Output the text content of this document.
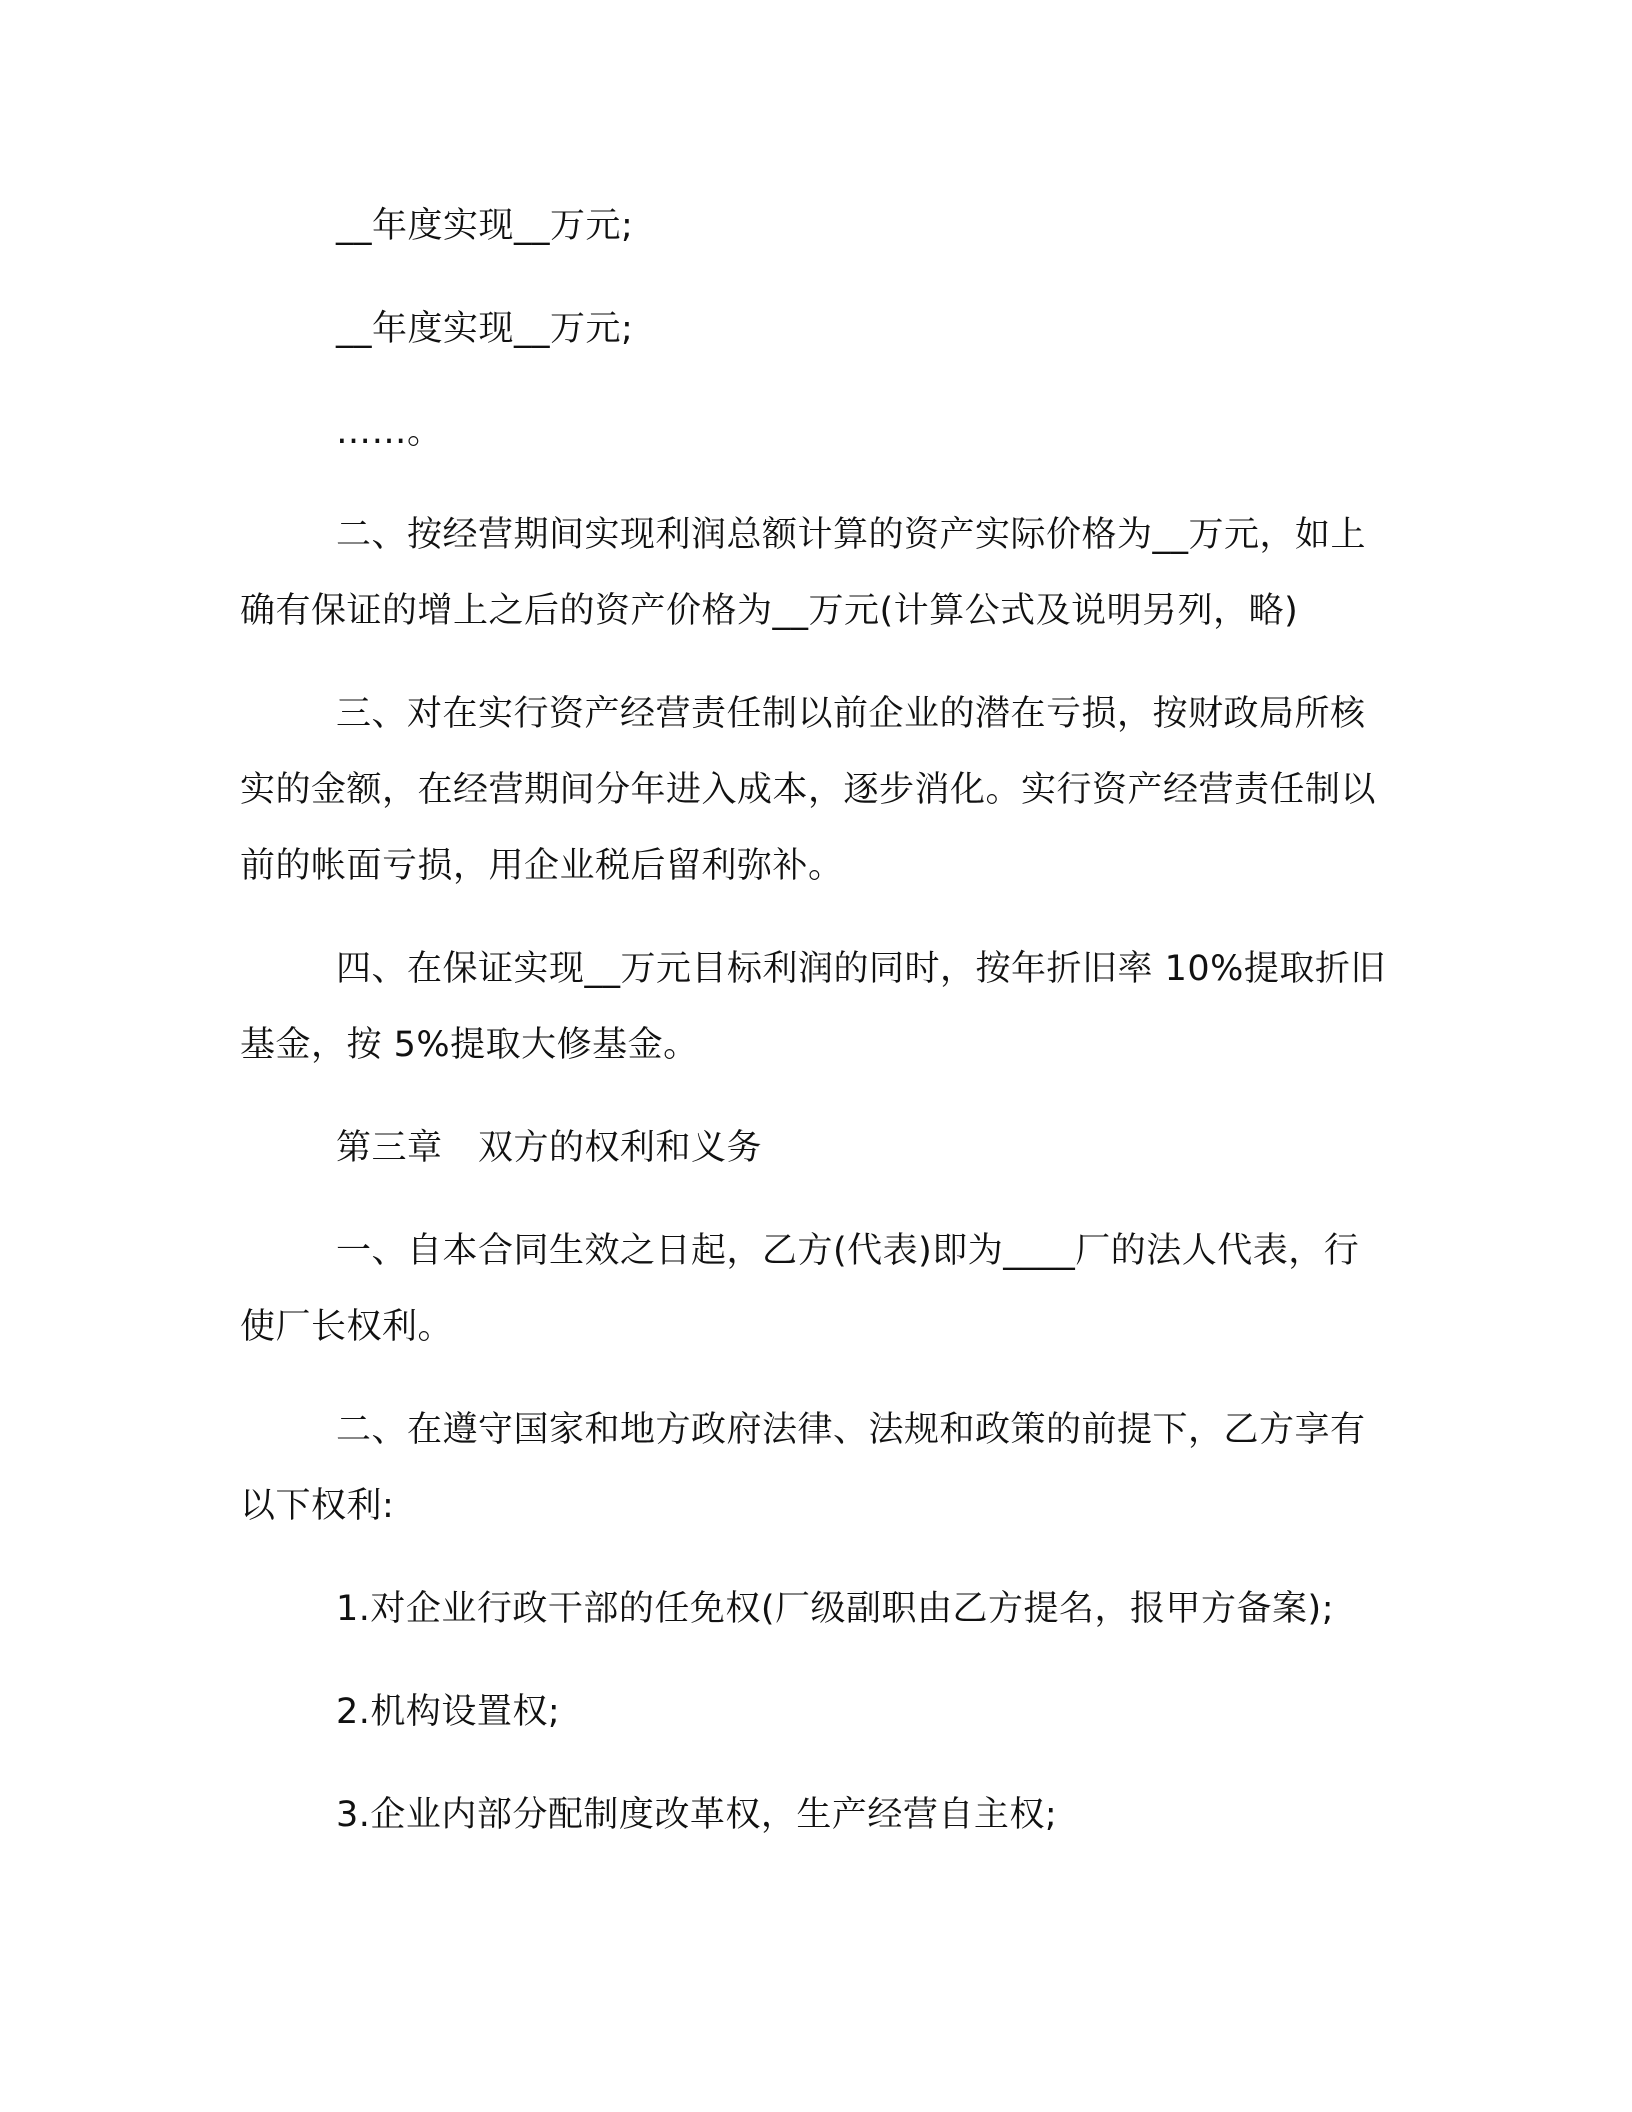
__年度实现__万元;

__年度实现__万元;

……。

二、按经营期间实现利润总额计算的资产实际价格为__万元，如上确有保证的增上之后的资产价格为__万元(计算公式及说明另列，略)

三、对在实行资产经营责任制以前企业的潜在亏损，按财政局所核实的金额，在经营期间分年进入成本，逐步消化。实行资产经营责任制以前的帐面亏损，用企业税后留利弥补。

四、在保证实现__万元目标利润的同时，按年折旧率 10%提取折旧基金，按 5%提取大修基金。

第三章　双方的权利和义务

一、自本合同生效之日起，乙方(代表)即为____厂的法人代表，行使厂长权利。

二、在遵守国家和地方政府法律、法规和政策的前提下，乙方享有以下权利:

1.对企业行政干部的任免权(厂级副职由乙方提名，报甲方备案);

2.机构设置权;

3.企业内部分配制度改革权，生产经营自主权;
